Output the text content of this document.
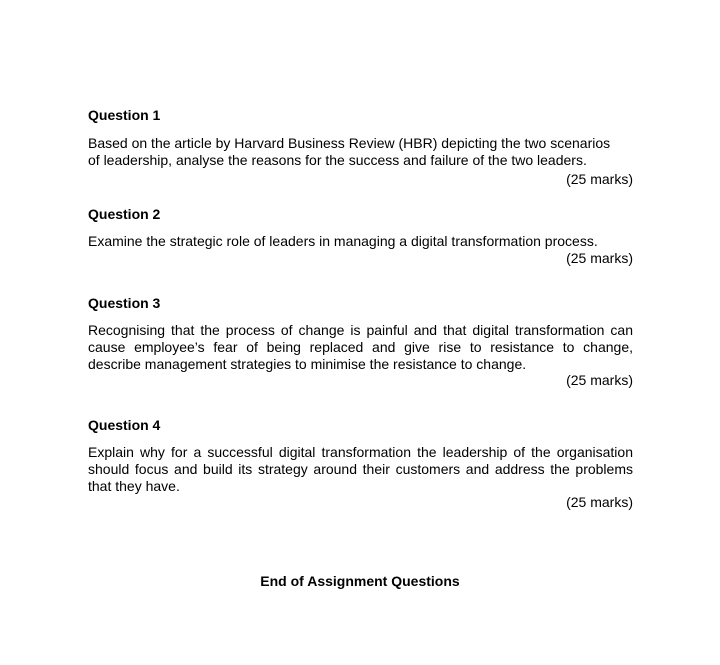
Question 1

Based on the article by Harvard Business Review (HBR) depicting the two scenarios
of leadership, analyse the reasons for the success and failure of the two leaders.

(25 marks)

Question 2

Examine the strategic role of leaders in managing a digital transformation process.

(25 marks)

Question 3

Recognising that the process of change is painful and that digital transformation can
cause employee’s fear of being replaced and give rise to resistance to change,
describe management strategies to minimise the resistance to change.

(25 marks)

Question 4

Explain why for a successful digital transformation the leadership of the organisation
should focus and build its strategy around their customers and address the problems
that they have.

(25 marks)

End of Assignment Questions
